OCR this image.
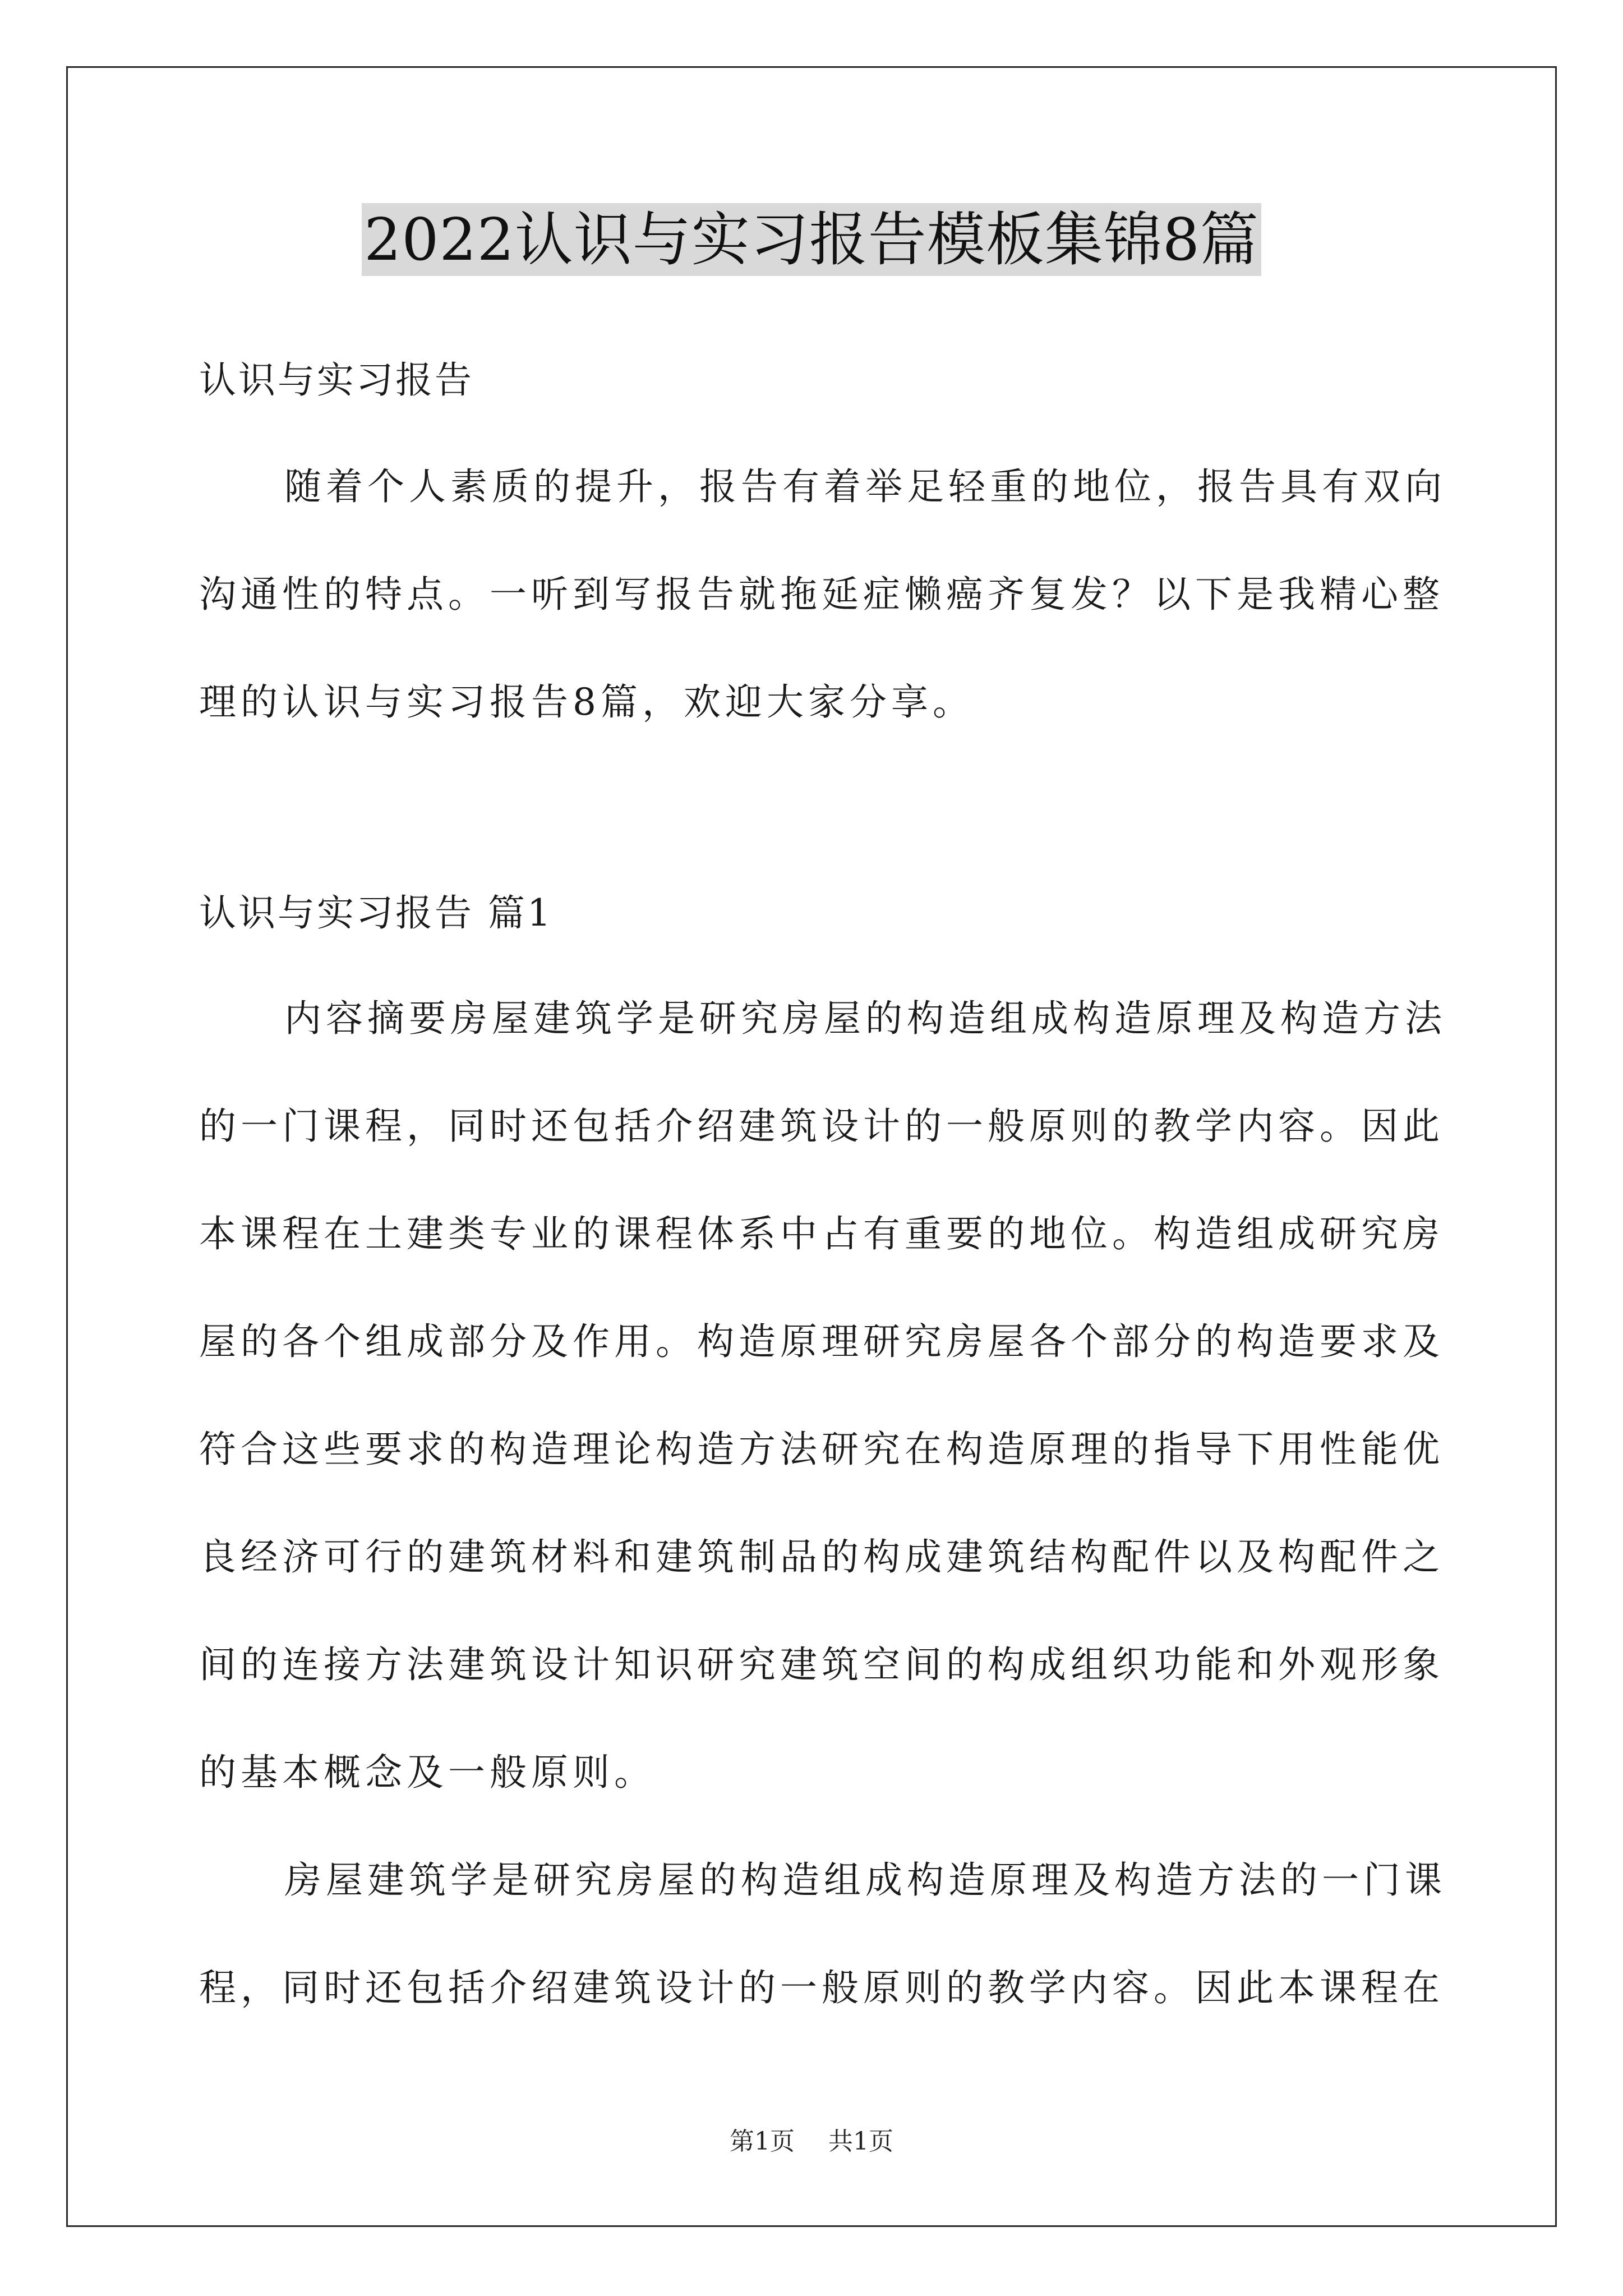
2022认识与实习报告模板集锦8篇
认识与实习报告
随着个人素质的提升，报告有着举足轻重的地位，报告具有双向
沟通性的特点。一听到写报告就拖延症懒癌齐复发？以下是我精心整
理的认识与实习报告8篇，欢迎大家分享。
认识与实习报告 篇1
内容摘要房屋建筑学是研究房屋的构造组成构造原理及构造方法
的一门课程，同时还包括介绍建筑设计的一般原则的教学内容。因此
本课程在土建类专业的课程体系中占有重要的地位。构造组成研究房
屋的各个组成部分及作用。构造原理研究房屋各个部分的构造要求及
符合这些要求的构造理论构造方法研究在构造原理的指导下用性能优
良经济可行的建筑材料和建筑制品的构成建筑结构配件以及构配件之
间的连接方法建筑设计知识研究建筑空间的构成组织功能和外观形象
的基本概念及一般原则。
房屋建筑学是研究房屋的构造组成构造原理及构造方法的一门课
程，同时还包括介绍建筑设计的一般原则的教学内容。因此本课程在
第1页 共1页
